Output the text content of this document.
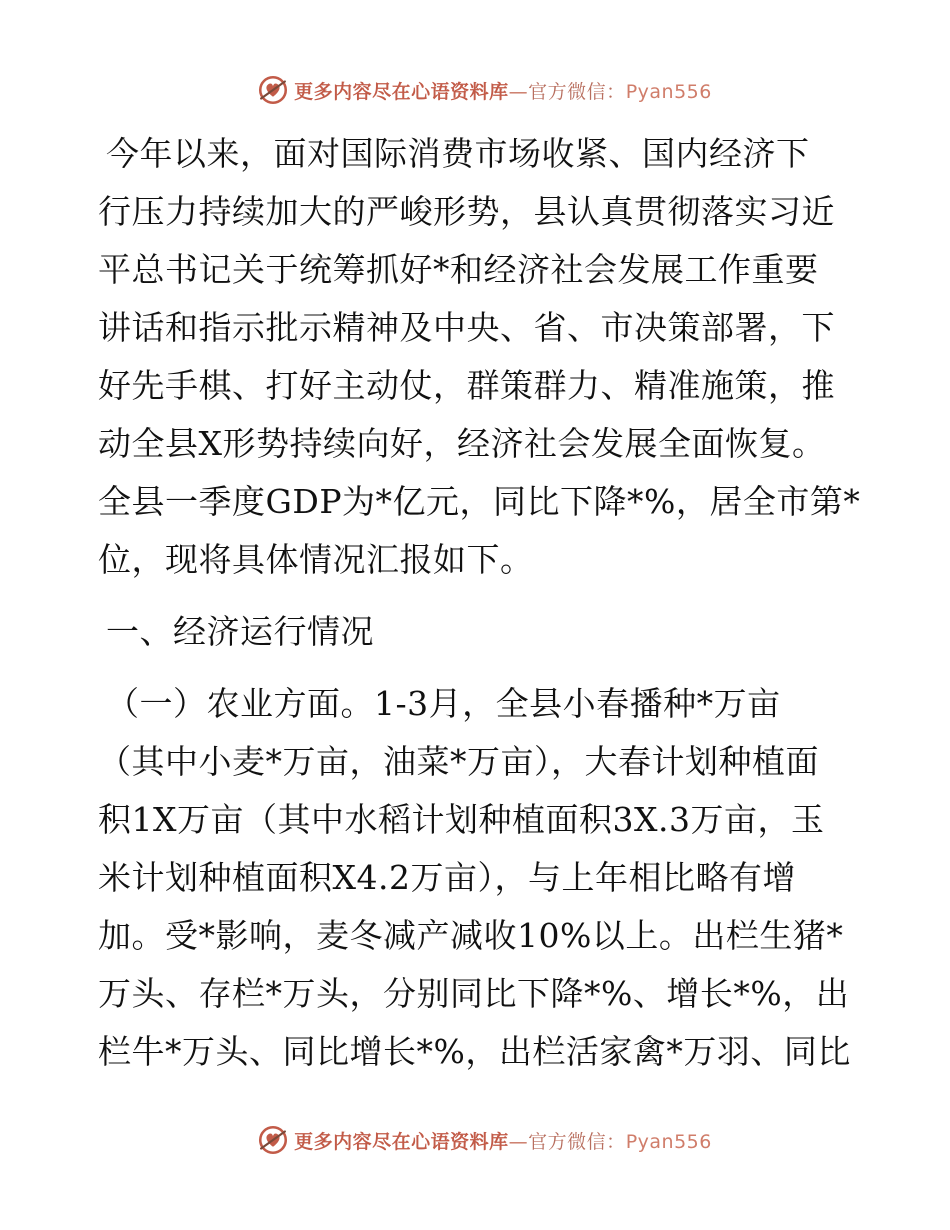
更多内容尽在心语资料库—官方微信：Pyan556
今年以来，面对国际消费市场收紧、国内经济下
行压力持续加大的严峻形势，县认真贯彻落实习近
平总书记关于统筹抓好*和经济社会发展工作重要
讲话和指示批示精神及中央、省、市决策部署，下
好先手棋、打好主动仗，群策群力、精准施策，推
动全县X形势持续向好，经济社会发展全面恢复。
全县一季度GDP为*亿元，同比下降*%，居全市第*
位，现将具体情况汇报如下。
一、经济运行情况
（一）农业方面。1-3月，全县小春播种*万亩
（其中小麦*万亩，油菜*万亩），大春计划种植面
积1X万亩（其中水稻计划种植面积3X.3万亩，玉
米计划种植面积X4.2万亩），与上年相比略有增
加。受*影响，麦冬减产减收10%以上。出栏生猪*
万头、存栏*万头，分别同比下降*%、增长*%，出
栏牛*万头、同比增长*%，出栏活家禽*万羽、同比
更多内容尽在心语资料库—官方微信：Pyan556
